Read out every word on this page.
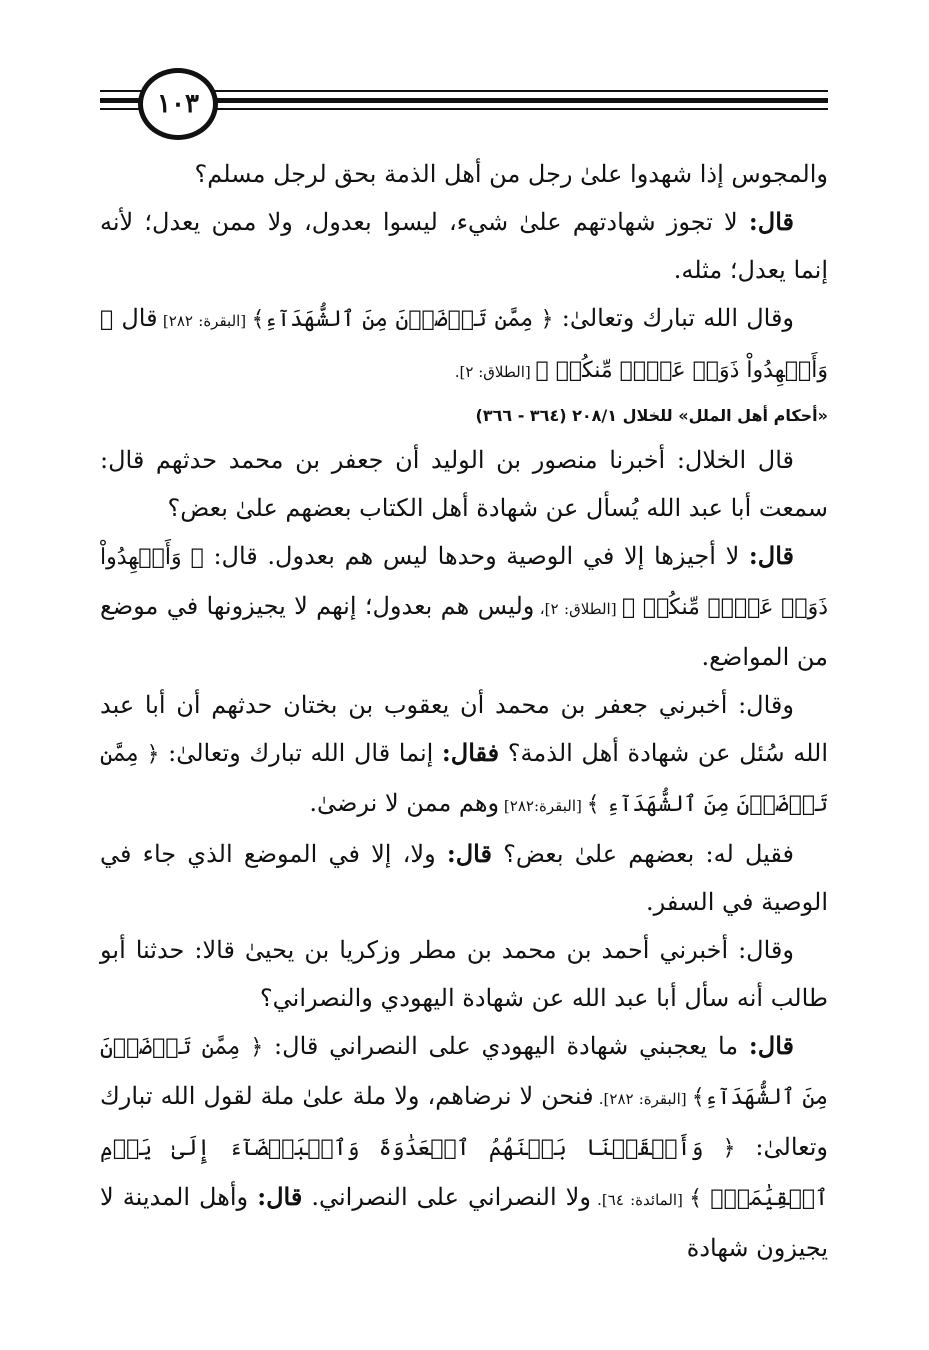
١٠٣

والمجوس إذا شهدوا علىٰ رجل من أهل الذمة بحق لرجل مسلم؟

قال: لا تجوز شهادتهم علىٰ شيء، ليسوا بعدول، ولا ممن يعدل؛ لأنه إنما يعدل؛ مثله.

وقال الله تبارك وتعالىٰ: ﴿ مِمَّن تَرۡضَوۡنَ مِنَ ٱلشُّهَدَآءِ﴾ [البقرة: ٢٨٢] قال ﴿ وَأَشۡهِدُواْ ذَوَىۡ عَدۡلٖ مِّنكُمۡ ﴾ [الطلاق: ٢].

«أحكام أهل الملل» للخلال ٢٠٨/١ (٣٦٤ - ٣٦٦)

قال الخلال: أخبرنا منصور بن الوليد أن جعفر بن محمد حدثهم قال: سمعت أبا عبد الله يُسأل عن شهادة أهل الكتاب بعضهم علىٰ بعض؟

قال: لا أجيزها إلا في الوصية وحدها ليس هم بعدول. قال: ﴿ وَأَشۡهِدُواْ ذَوَىۡ عَدۡلٖ مِّنكُمۡ ﴾ [الطلاق: ٢]، وليس هم بعدول؛ إنهم لا يجيزونها في موضع من المواضع.

وقال: أخبرني جعفر بن محمد أن يعقوب بن بختان حدثهم أن أبا عبد الله سُئل عن شهادة أهل الذمة؟ فقال: إنما قال الله تبارك وتعالىٰ: ﴿ مِمَّن تَرۡضَوۡنَ مِنَ ٱلشُّهَدَآءِ ﴾ [البقرة:٢٨٢] وهم ممن لا نرضىٰ.

فقيل له: بعضهم علىٰ بعض؟ قال: ولا، إلا في الموضع الذي جاء في الوصية في السفر.

وقال: أخبرني أحمد بن محمد بن مطر وزكريا بن يحيىٰ قالا: حدثنا أبو طالب أنه سأل أبا عبد الله عن شهادة اليهودي والنصراني؟

قال: ما يعجبني شهادة اليهودي على النصراني قال: ﴿ مِمَّن تَرۡضَوۡنَ مِنَ ٱلشُّهَدَآءِ﴾ [البقرة: ٢٨٢]. فنحن لا نرضاهم، ولا ملة علىٰ ملة لقول الله تبارك وتعالىٰ: ﴿ وَأَلۡقَيۡنَا بَيۡنَهُمُ ٱلۡعَدَٰوَةَ وَٱلۡبَغۡضَآءَ إِلَىٰ يَوۡمِ ٱلۡقِيَٰمَةِۚ ﴾ [المائدة: ٦٤]. ولا النصراني على النصراني. قال: وأهل المدينة لا يجيزون شهادة
